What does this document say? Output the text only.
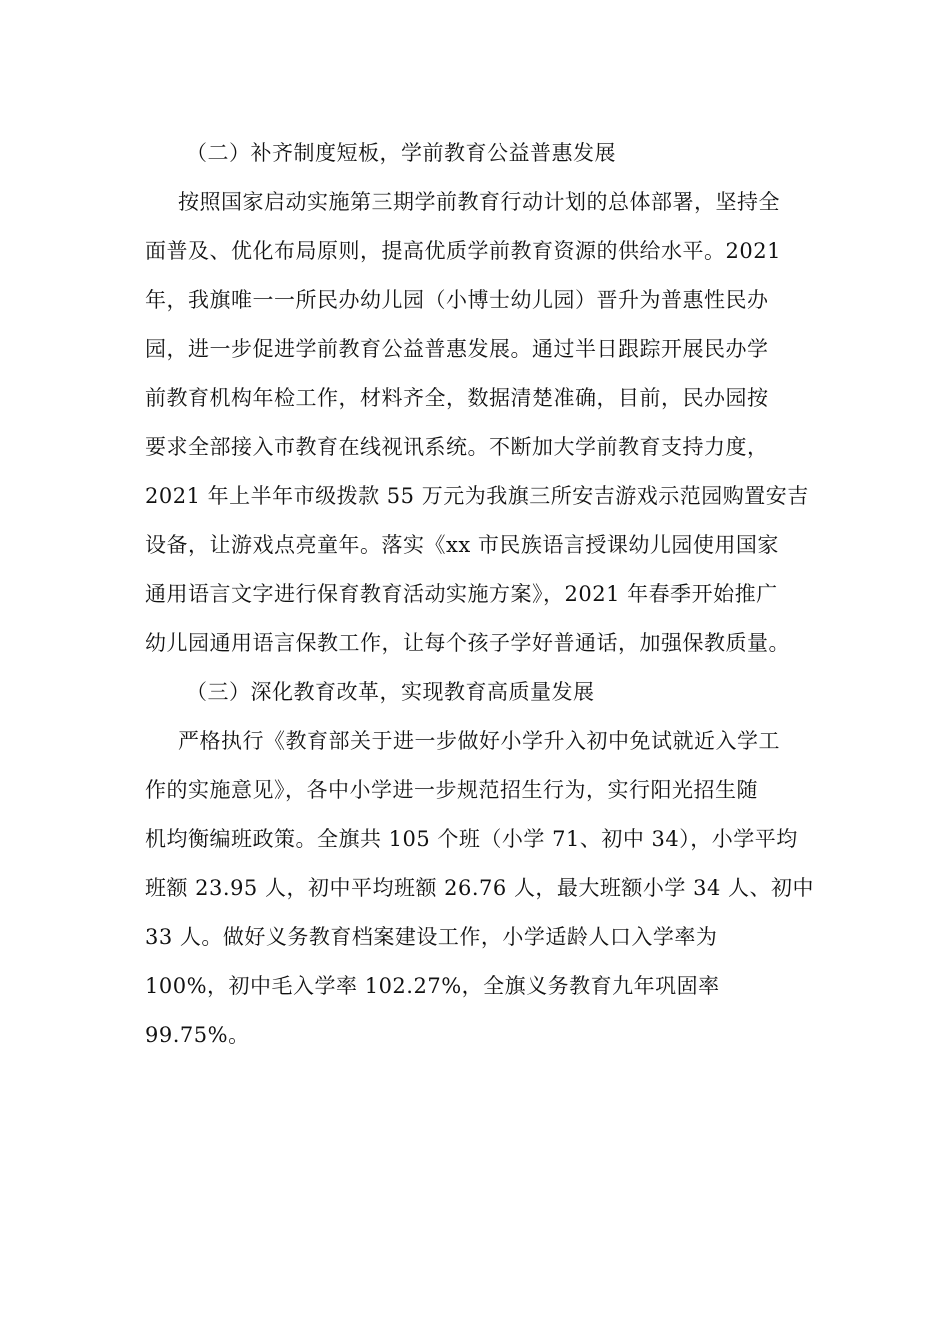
（二）补齐制度短板，学前教育公益普惠发展
按照国家启动实施第三期学前教育行动计划的总体部署，坚持全
面普及、优化布局原则，提高优质学前教育资源的供给水平。2021
年，我旗唯一一所民办幼儿园（小博士幼儿园）晋升为普惠性民办
园，进一步促进学前教育公益普惠发展。通过半日跟踪开展民办学
前教育机构年检工作，材料齐全，数据清楚准确，目前，民办园按
要求全部接入市教育在线视讯系统。不断加大学前教育支持力度，
2021 年上半年市级拨款 55 万元为我旗三所安吉游戏示范园购置安吉
设备，让游戏点亮童年。落实《xx 市民族语言授课幼儿园使用国家
通用语言文字进行保育教育活动实施方案》，2021 年春季开始推广
幼儿园通用语言保教工作，让每个孩子学好普通话，加强保教质量。
（三）深化教育改革，实现教育高质量发展
严格执行《教育部关于进一步做好小学升入初中免试就近入学工
作的实施意见》，各中小学进一步规范招生行为，实行阳光招生随
机均衡编班政策。全旗共 105 个班（小学 71、初中 34），小学平均
班额 23.95 人，初中平均班额 26.76 人，最大班额小学 34 人、初中
33 人。做好义务教育档案建设工作，小学适龄人口入学率为
100%，初中毛入学率 102.27%，全旗义务教育九年巩固率
99.75%。
